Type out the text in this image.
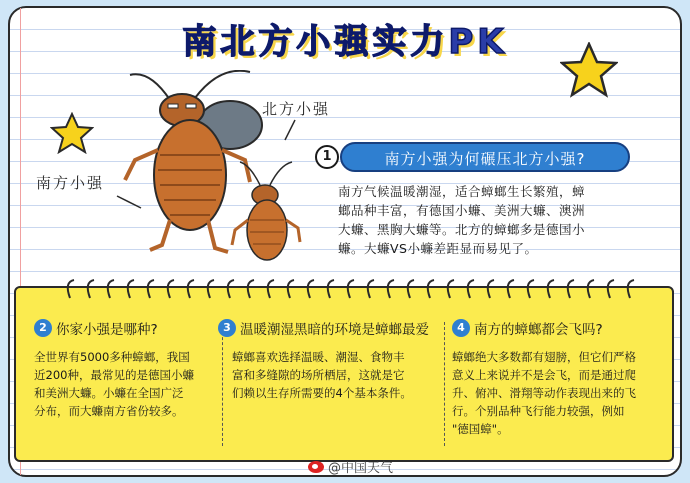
南北方小强实力PK
北方小强
南方小强
1	南方小强为何碾压北方小强?
南方气候温暖潮湿，适合蟑螂生长繁殖，蟑
螂品种丰富，有德国小蠊、美洲大蠊、澳洲
大蠊、黑胸大蠊等。北方的蟑螂多是德国小
蠊。大蠊VS小蠊差距显而易见了。
2 你家小强是哪种?
全世界有5000多种蟑螂，我国
近200种，最常见的是德国小蠊
和美洲大蠊。小蠊在全国广泛
分布，而大蠊南方省份较多。
3 温暖潮湿黑暗的环境是蟑螂最爱
蟑螂喜欢选择温暖、潮湿、食物丰
富和多缝隙的场所栖居，这就是它
们赖以生存所需要的4个基本条件。
4 南方的蟑螂都会飞吗?
蟑螂绝大多数都有翅膀，但它们严格
意义上来说并不是会飞，而是通过爬
升、俯冲、滑翔等动作表现出来的飞
行。个别品种飞行能力较强，例如
"德国蟑"。
@中国天气
